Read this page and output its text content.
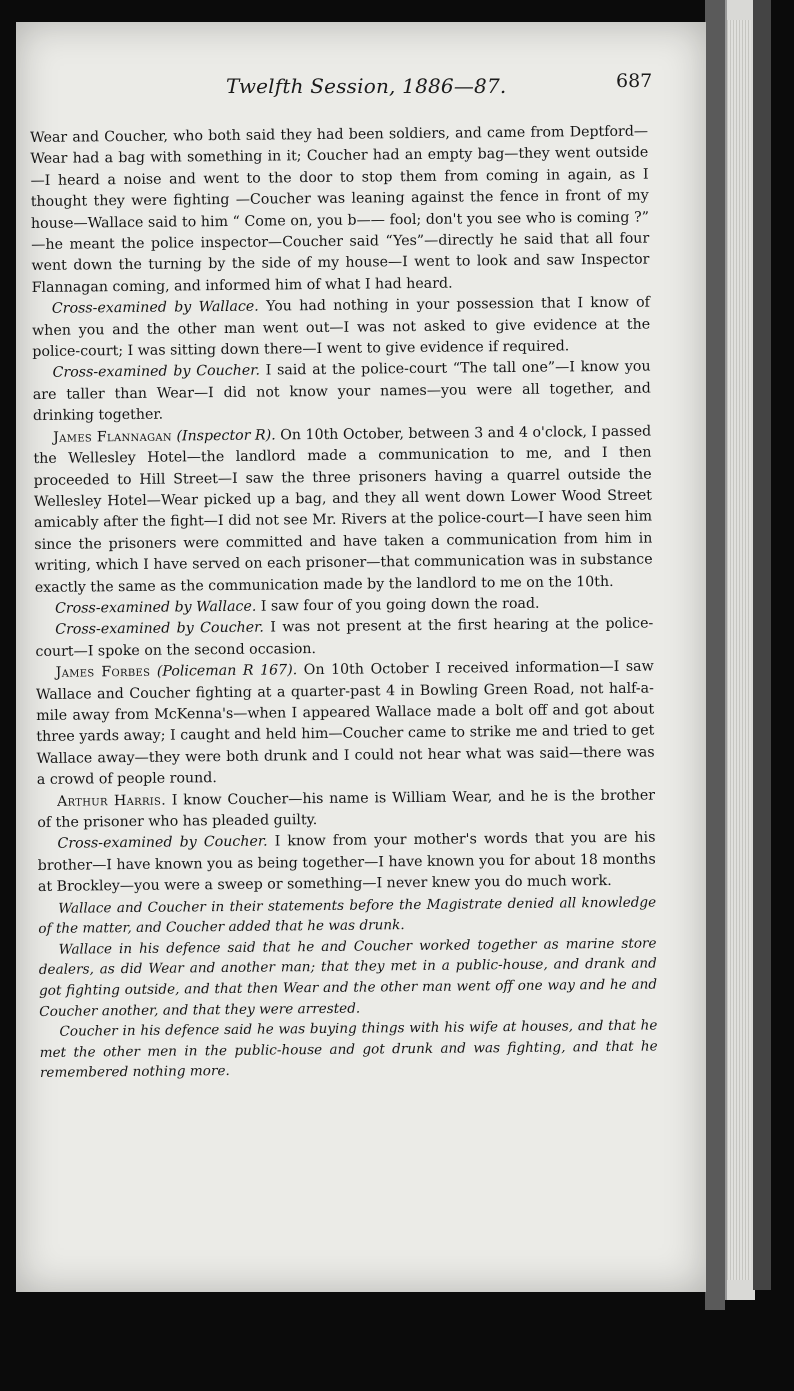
Twelfth Session, 1886—87.	687

Wear and Coucher, who both said they had been soldiers, and came from Deptford—Wear had a bag with something in it; Coucher had an empty bag—they went outside—I heard a noise and went to the door to stop them from coming in again, as I thought they were fighting —Coucher was leaning against the fence in front of my house—Wallace said to him “ Come on, you b—— fool; don't you see who is coming ?” —he meant the police inspector—Coucher said “Yes”—directly he said that all four went down the turning by the side of my house—I went to look and saw Inspector Flannagan coming, and informed him of what I had heard.

Cross-examined by Wallace. You had nothing in your possession that I know of when you and the other man went out—I was not asked to give evidence at the police-court; I was sitting down there—I went to give evidence if required.

Cross-examined by Coucher. I said at the police-court “The tall one”—I know you are taller than Wear—I did not know your names—you were all together, and drinking together.

James Flannagan (Inspector R). On 10th October, between 3 and 4 o'clock, I passed the Wellesley Hotel—the landlord made a communication to me, and I then proceeded to Hill Street—I saw the three prisoners having a quarrel outside the Wellesley Hotel—Wear picked up a bag, and they all went down Lower Wood Street amicably after the fight—I did not see Mr. Rivers at the police-court—I have seen him since the prisoners were committed and have taken a communication from him in writing, which I have served on each prisoner—that communication was in substance exactly the same as the communication made by the landlord to me on the 10th.

Cross-examined by Wallace. I saw four of you going down the road.

Cross-examined by Coucher. I was not present at the first hearing at the police-court—I spoke on the second occasion.

James Forbes (Policeman R 167). On 10th October I received information—I saw Wallace and Coucher fighting at a quarter-past 4 in Bowling Green Road, not half-a-mile away from McKenna's—when I appeared Wallace made a bolt off and got about three yards away; I caught and held him—Coucher came to strike me and tried to get Wallace away—they were both drunk and I could not hear what was said—there was a crowd of people round.

Arthur Harris. I know Coucher—his name is William Wear, and he is the brother of the prisoner who has pleaded guilty.

Cross-examined by Coucher. I know from your mother's words that you are his brother—I have known you as being together—I have known you for about 18 months at Brockley—you were a sweep or something—I never knew you do much work.

Wallace and Coucher in their statements before the Magistrate denied all knowledge of the matter, and Coucher added that he was drunk.

Wallace in his defence said that he and Coucher worked together as marine store dealers, as did Wear and another man; that they met in a public-house, and drank and got fighting outside, and that then Wear and the other man went off one way and he and Coucher another, and that they were arrested.

Coucher in his defence said he was buying things with his wife at houses, and that he met the other men in the public-house and got drunk and was fighting, and that he remembered nothing more.
